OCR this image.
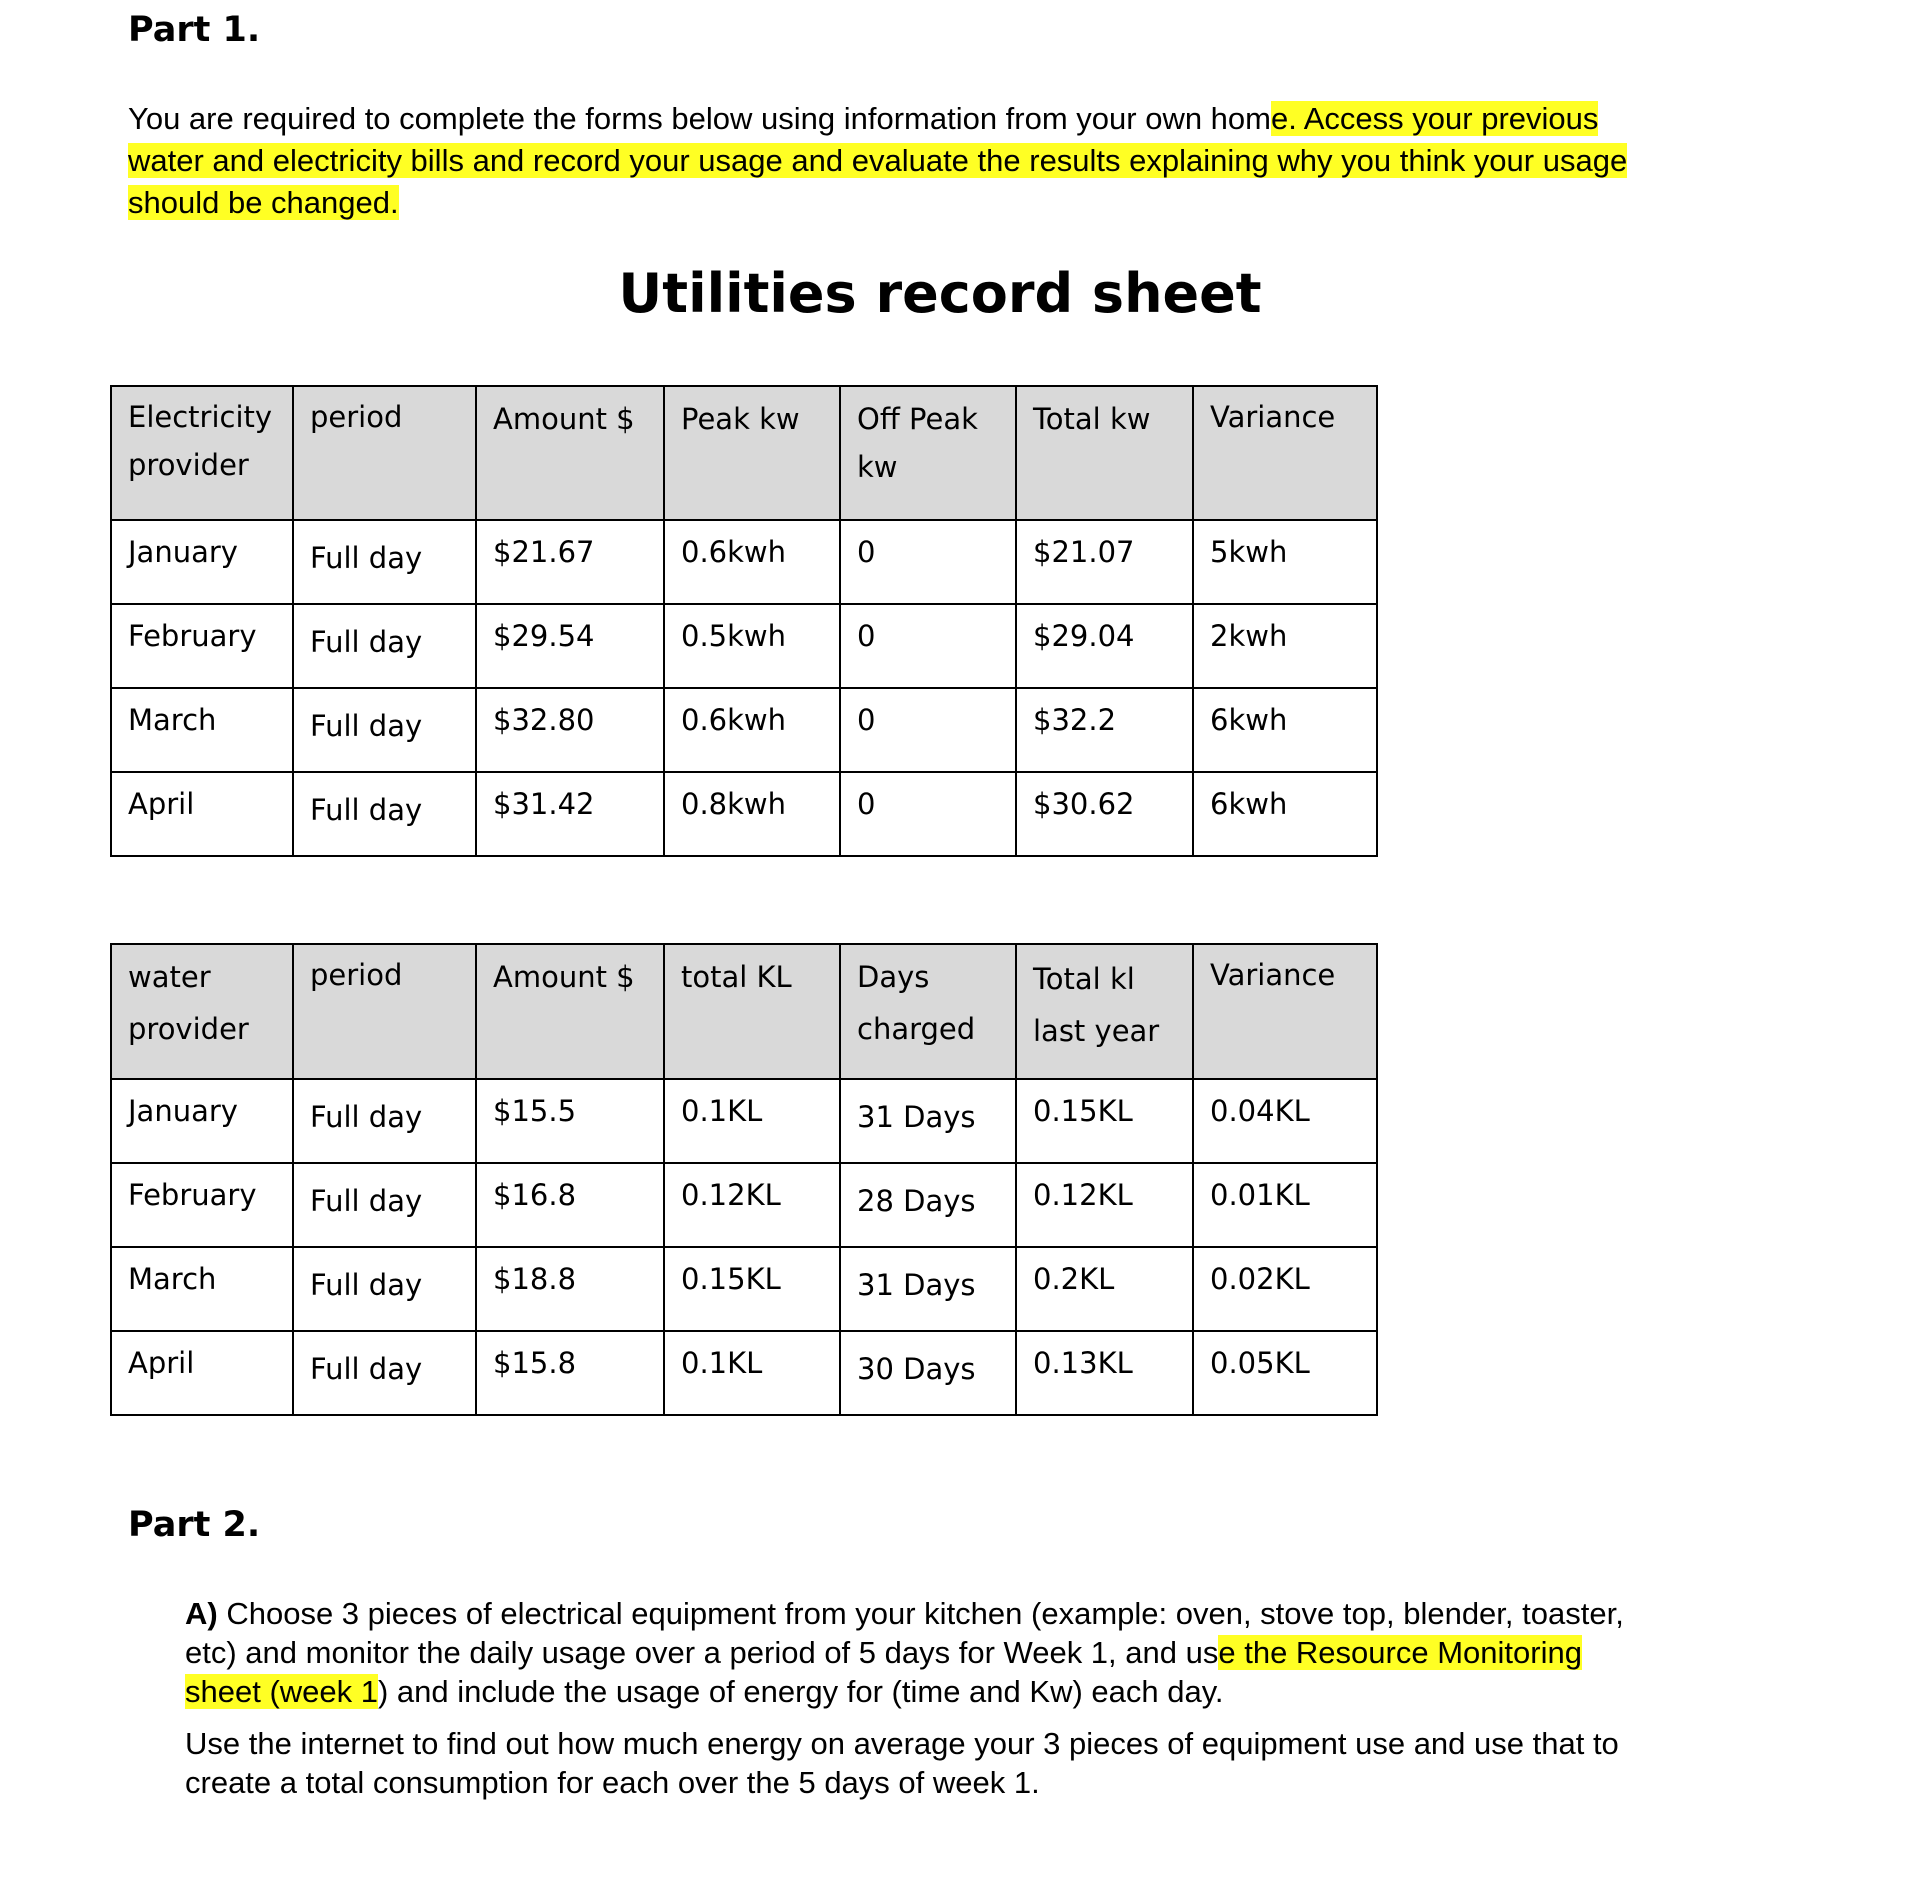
Part 1.
You are required to complete the forms below using information from your own home. Access your previous
water and electricity bills and record your usage and evaluate the results explaining why you think your usage
should be changed.
Utilities record sheet
Electricity provider	period	Amount $	Peak kw	Off Peak kw	Total kw	Variance
January	Full day	$21.67	0.6kwh	0	$21.07	5kwh
February	Full day	$29.54	0.5kwh	0	$29.04	2kwh
March	Full day	$32.80	0.6kwh	0	$32.2	6kwh
April	Full day	$31.42	0.8kwh	0	$30.62	6kwh
water provider	period	Amount $	total KL	Days charged	Total kl last year	Variance
January	Full day	$15.5	0.1KL	31 Days	0.15KL	0.04KL
February	Full day	$16.8	0.12KL	28 Days	0.12KL	0.01KL
March	Full day	$18.8	0.15KL	31 Days	0.2KL	0.02KL
April	Full day	$15.8	0.1KL	30 Days	0.13KL	0.05KL
Part 2.
A) Choose 3 pieces of electrical equipment from your kitchen (example: oven, stove top, blender, toaster,
etc) and monitor the daily usage over a period of 5 days for Week 1, and use the Resource Monitoring
sheet (week 1) and include the usage of energy for (time and Kw) each day.
Use the internet to find out how much energy on average your 3 pieces of equipment use and use that to
create a total consumption for each over the 5 days of week 1.
